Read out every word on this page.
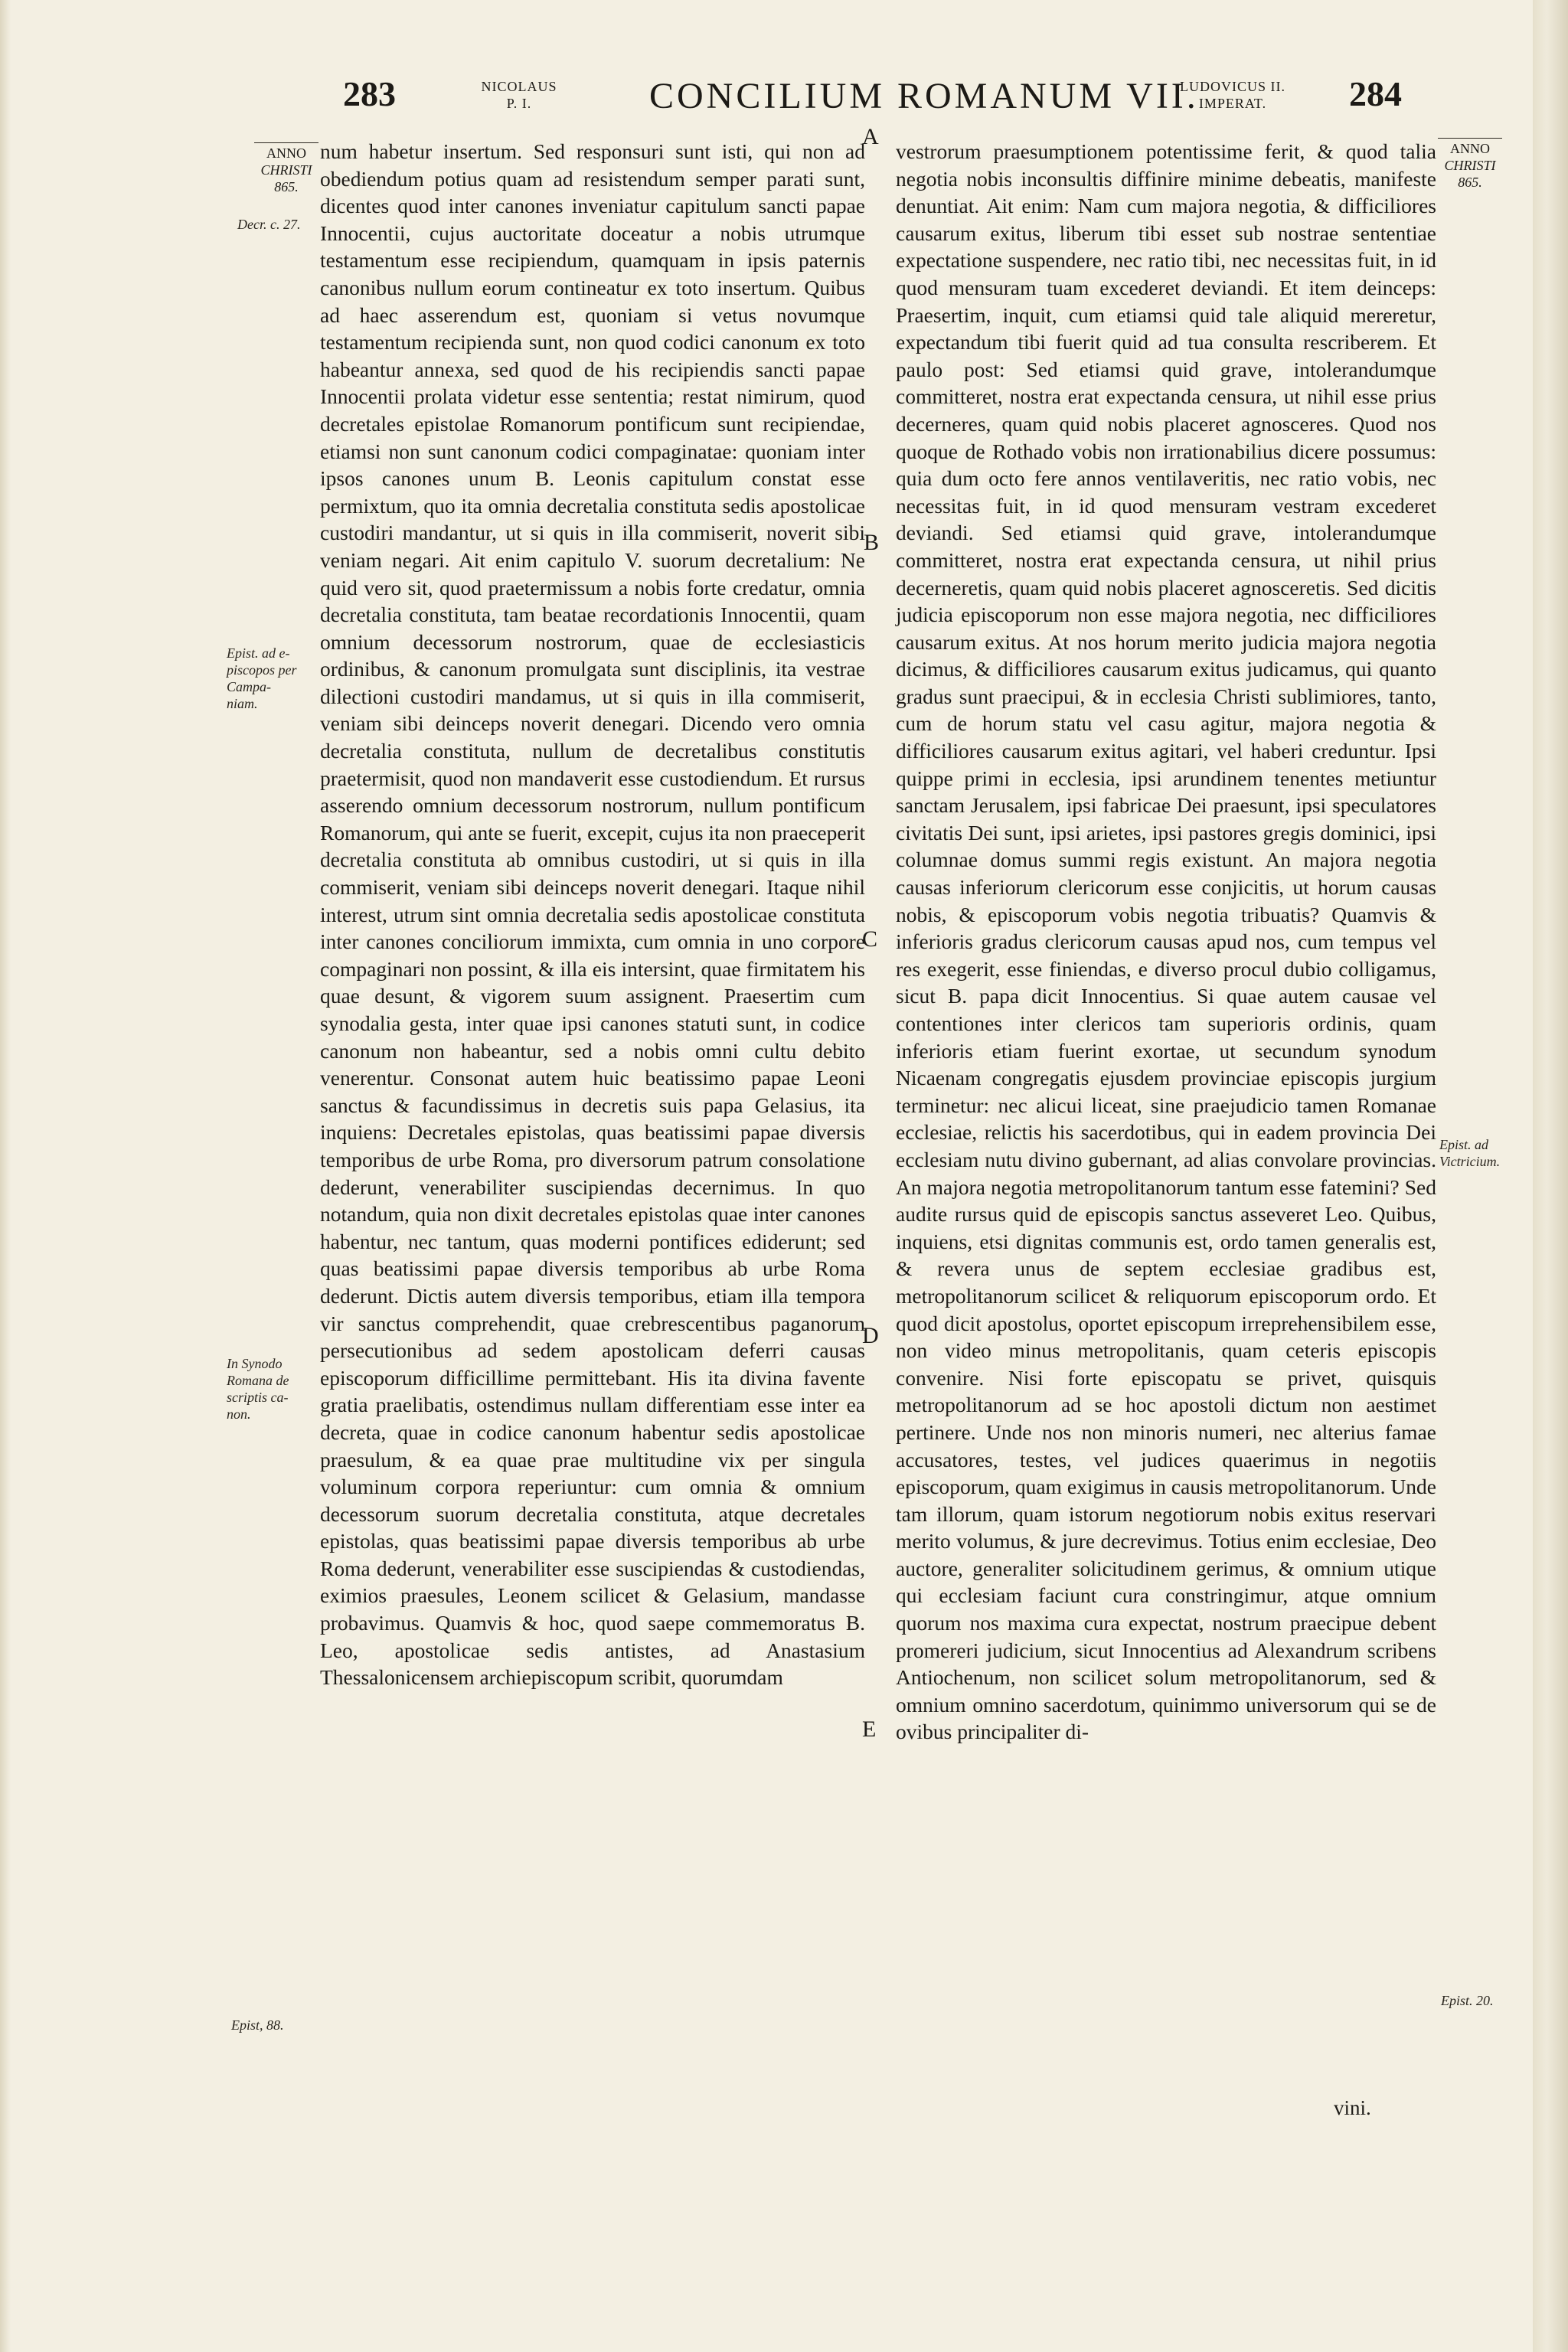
283	NICOLAUS
P. I.	CONCILIUM ROMANUM VII.
LUDOVICUS II.
IMPERAT.	284
ANNO
CHRISTI
865.
ANNO
CHRISTI
865.
Decr. c. 27.
Epist. ad e-
piscopos per
Campa-
niam.
In Synodo
Romana de
scriptis ca-
non.
Epist, 88.
Epist. ad
Victricium.
Epist. 20.
A
B
C
D
E

num habetur insertum. Sed responsuri sunt isti, qui non ad obediendum potius quam ad resistendum semper parati sunt, dicentes quod inter canones inveniatur capitulum sancti papae Innocentii, cujus auctoritate doceatur a nobis utrumque testamentum esse recipiendum, quamquam in ipsis paternis canonibus nullum eorum contineatur ex toto insertum. Quibus ad haec asserendum est, quoniam si vetus novumque testamentum recipienda sunt, non quod codici canonum ex toto habeantur annexa, sed quod de his recipiendis sancti papae Innocentii prolata videtur esse sententia; restat nimirum, quod decretales epistolae Romanorum pontificum sunt recipiendae, etiamsi non sunt canonum codici compaginatae: quoniam inter ipsos canones unum B. Leonis capitulum constat esse permixtum, quo ita omnia decretalia constituta sedis apostolicae custodiri mandantur, ut si quis in illa commiserit, noverit sibi veniam negari. Ait enim capitulo V. suorum decretalium: Ne quid vero sit, quod praetermissum a nobis forte credatur, omnia decretalia constituta, tam beatae recordationis Innocentii, quam omnium decessorum nostrorum, quae de ecclesiasticis ordinibus, & canonum promulgata sunt disciplinis, ita vestrae dilectioni custodiri mandamus, ut si quis in illa commiserit, veniam sibi deinceps noverit denegari. Dicendo vero omnia decretalia constituta, nullum de decretalibus constitutis praetermisit, quod non mandaverit esse custodiendum. Et rursus asserendo omnium decessorum nostrorum, nullum pontificum Romanorum, qui ante se fuerit, excepit, cujus ita non praeceperit decretalia constituta ab omnibus custodiri, ut si quis in illa commiserit, veniam sibi deinceps noverit denegari. Itaque nihil interest, utrum sint omnia decretalia sedis apostolicae constituta inter canones conciliorum immixta, cum omnia in uno corpore compaginari non possint, & illa eis intersint, quae firmitatem his quae desunt, & vigorem suum assignent. Praesertim cum synodalia gesta, inter quae ipsi canones statuti sunt, in codice canonum non habeantur, sed a nobis omni cultu debito venerentur. Consonat autem huic beatissimo papae Leoni sanctus & facundissimus in decretis suis papa Gelasius, ita inquiens: Decretales epistolas, quas beatissimi papae diversis temporibus de urbe Roma, pro diversorum patrum consolatione dederunt, venerabiliter suscipiendas decernimus. In quo notandum, quia non dixit decretales epistolas quae inter canones habentur, nec tantum, quas moderni pontifices ediderunt; sed quas beatissimi papae diversis temporibus ab urbe Roma dederunt. Dictis autem diversis temporibus, etiam illa tempora vir sanctus comprehendit, quae crebrescentibus paganorum persecutionibus ad sedem apostolicam deferri causas episcoporum difficillime permittebant. His ita divina favente gratia praelibatis, ostendimus nullam differentiam esse inter ea decreta, quae in codice canonum habentur sedis apostolicae praesulum, & ea quae prae multitudine vix per singula voluminum corpora reperiuntur: cum omnia & omnium decessorum suorum decretalia constituta, atque decretales epistolas, quas beatissimi papae diversis temporibus ab urbe Roma dederunt, venerabiliter esse suscipiendas & custodiendas, eximios praesules, Leonem scilicet & Gelasium, mandasse probavimus. Quamvis & hoc, quod saepe commemoratus B. Leo, apostolicae sedis antistes, ad Anastasium Thessalonicensem archiepiscopum scribit, quorumdam

vestrorum praesumptionem potentissime ferit, & quod talia negotia nobis inconsultis diffinire minime debeatis, manifeste denuntiat. Ait enim: Nam cum majora negotia, & difficiliores causarum exitus, liberum tibi esset sub nostrae sententiae expectatione suspendere, nec ratio tibi, nec necessitas fuit, in id quod mensuram tuam excederet deviandi. Et item deinceps: Praesertim, inquit, cum etiamsi quid tale aliquid mereretur, expectandum tibi fuerit quid ad tua consulta rescriberem. Et paulo post: Sed etiamsi quid grave, intolerandumque committeret, nostra erat expectanda censura, ut nihil esse prius decerneres, quam quid nobis placeret agnosceres. Quod nos quoque de Rothado vobis non irrationabilius dicere possumus: quia dum octo fere annos ventilaveritis, nec ratio vobis, nec necessitas fuit, in id quod mensuram vestram excederet deviandi. Sed etiamsi quid grave, intolerandumque committeret, nostra erat expectanda censura, ut nihil prius decerneretis, quam quid nobis placeret agnosceretis. Sed dicitis judicia episcoporum non esse majora negotia, nec difficiliores causarum exitus. At nos horum merito judicia majora negotia dicimus, & difficiliores causarum exitus judicamus, qui quanto gradus sunt praecipui, & in ecclesia Christi sublimiores, tanto, cum de horum statu vel casu agitur, majora negotia & difficiliores causarum exitus agitari, vel haberi creduntur. Ipsi quippe primi in ecclesia, ipsi arundinem tenentes metiuntur sanctam Jerusalem, ipsi fabricae Dei praesunt, ipsi speculatores civitatis Dei sunt, ipsi arietes, ipsi pastores gregis dominici, ipsi columnae domus summi regis existunt. An majora negotia causas inferiorum clericorum esse conjicitis, ut horum causas nobis, & episcoporum vobis negotia tribuatis? Quamvis & inferioris gradus clericorum causas apud nos, cum tempus vel res exegerit, esse finiendas, e diverso procul dubio colligamus, sicut B. papa dicit Innocentius. Si quae autem causae vel contentiones inter clericos tam superioris ordinis, quam inferioris etiam fuerint exortae, ut secundum synodum Nicaenam congregatis ejusdem provinciae episcopis jurgium terminetur: nec alicui liceat, sine praejudicio tamen Romanae ecclesiae, relictis his sacerdotibus, qui in eadem provincia Dei ecclesiam nutu divino gubernant, ad alias convolare provincias. An majora negotia metropolitanorum tantum esse fatemini? Sed audite rursus quid de episcopis sanctus asseveret Leo. Quibus, inquiens, etsi dignitas communis est, ordo tamen generalis est, & revera unus de septem ecclesiae gradibus est, metropolitanorum scilicet & reliquorum episcoporum ordo. Et quod dicit apostolus, oportet episcopum irreprehensibilem esse, non video minus metropolitanis, quam ceteris episcopis convenire. Nisi forte episcopatu se privet, quisquis metropolitanorum ad se hoc apostoli dictum non aestimet pertinere. Unde nos non minoris numeri, nec alterius famae accusatores, testes, vel judices quaerimus in negotiis episcoporum, quam exigimus in causis metropolitanorum. Unde tam illorum, quam istorum negotiorum nobis exitus reservari merito volumus, & jure decrevimus. Totius enim ecclesiae, Deo auctore, generaliter solicitudinem gerimus, & omnium utique qui ecclesiam faciunt cura constringimur, atque omnium quorum nos maxima cura expectat, nostrum praecipue debent promereri judicium, sicut Innocentius ad Alexandrum scribens Antiochenum, non scilicet solum metropolitanorum, sed & omnium omnino sacerdotum, quinimmo universorum qui se de ovibus principaliter di-

vini.
